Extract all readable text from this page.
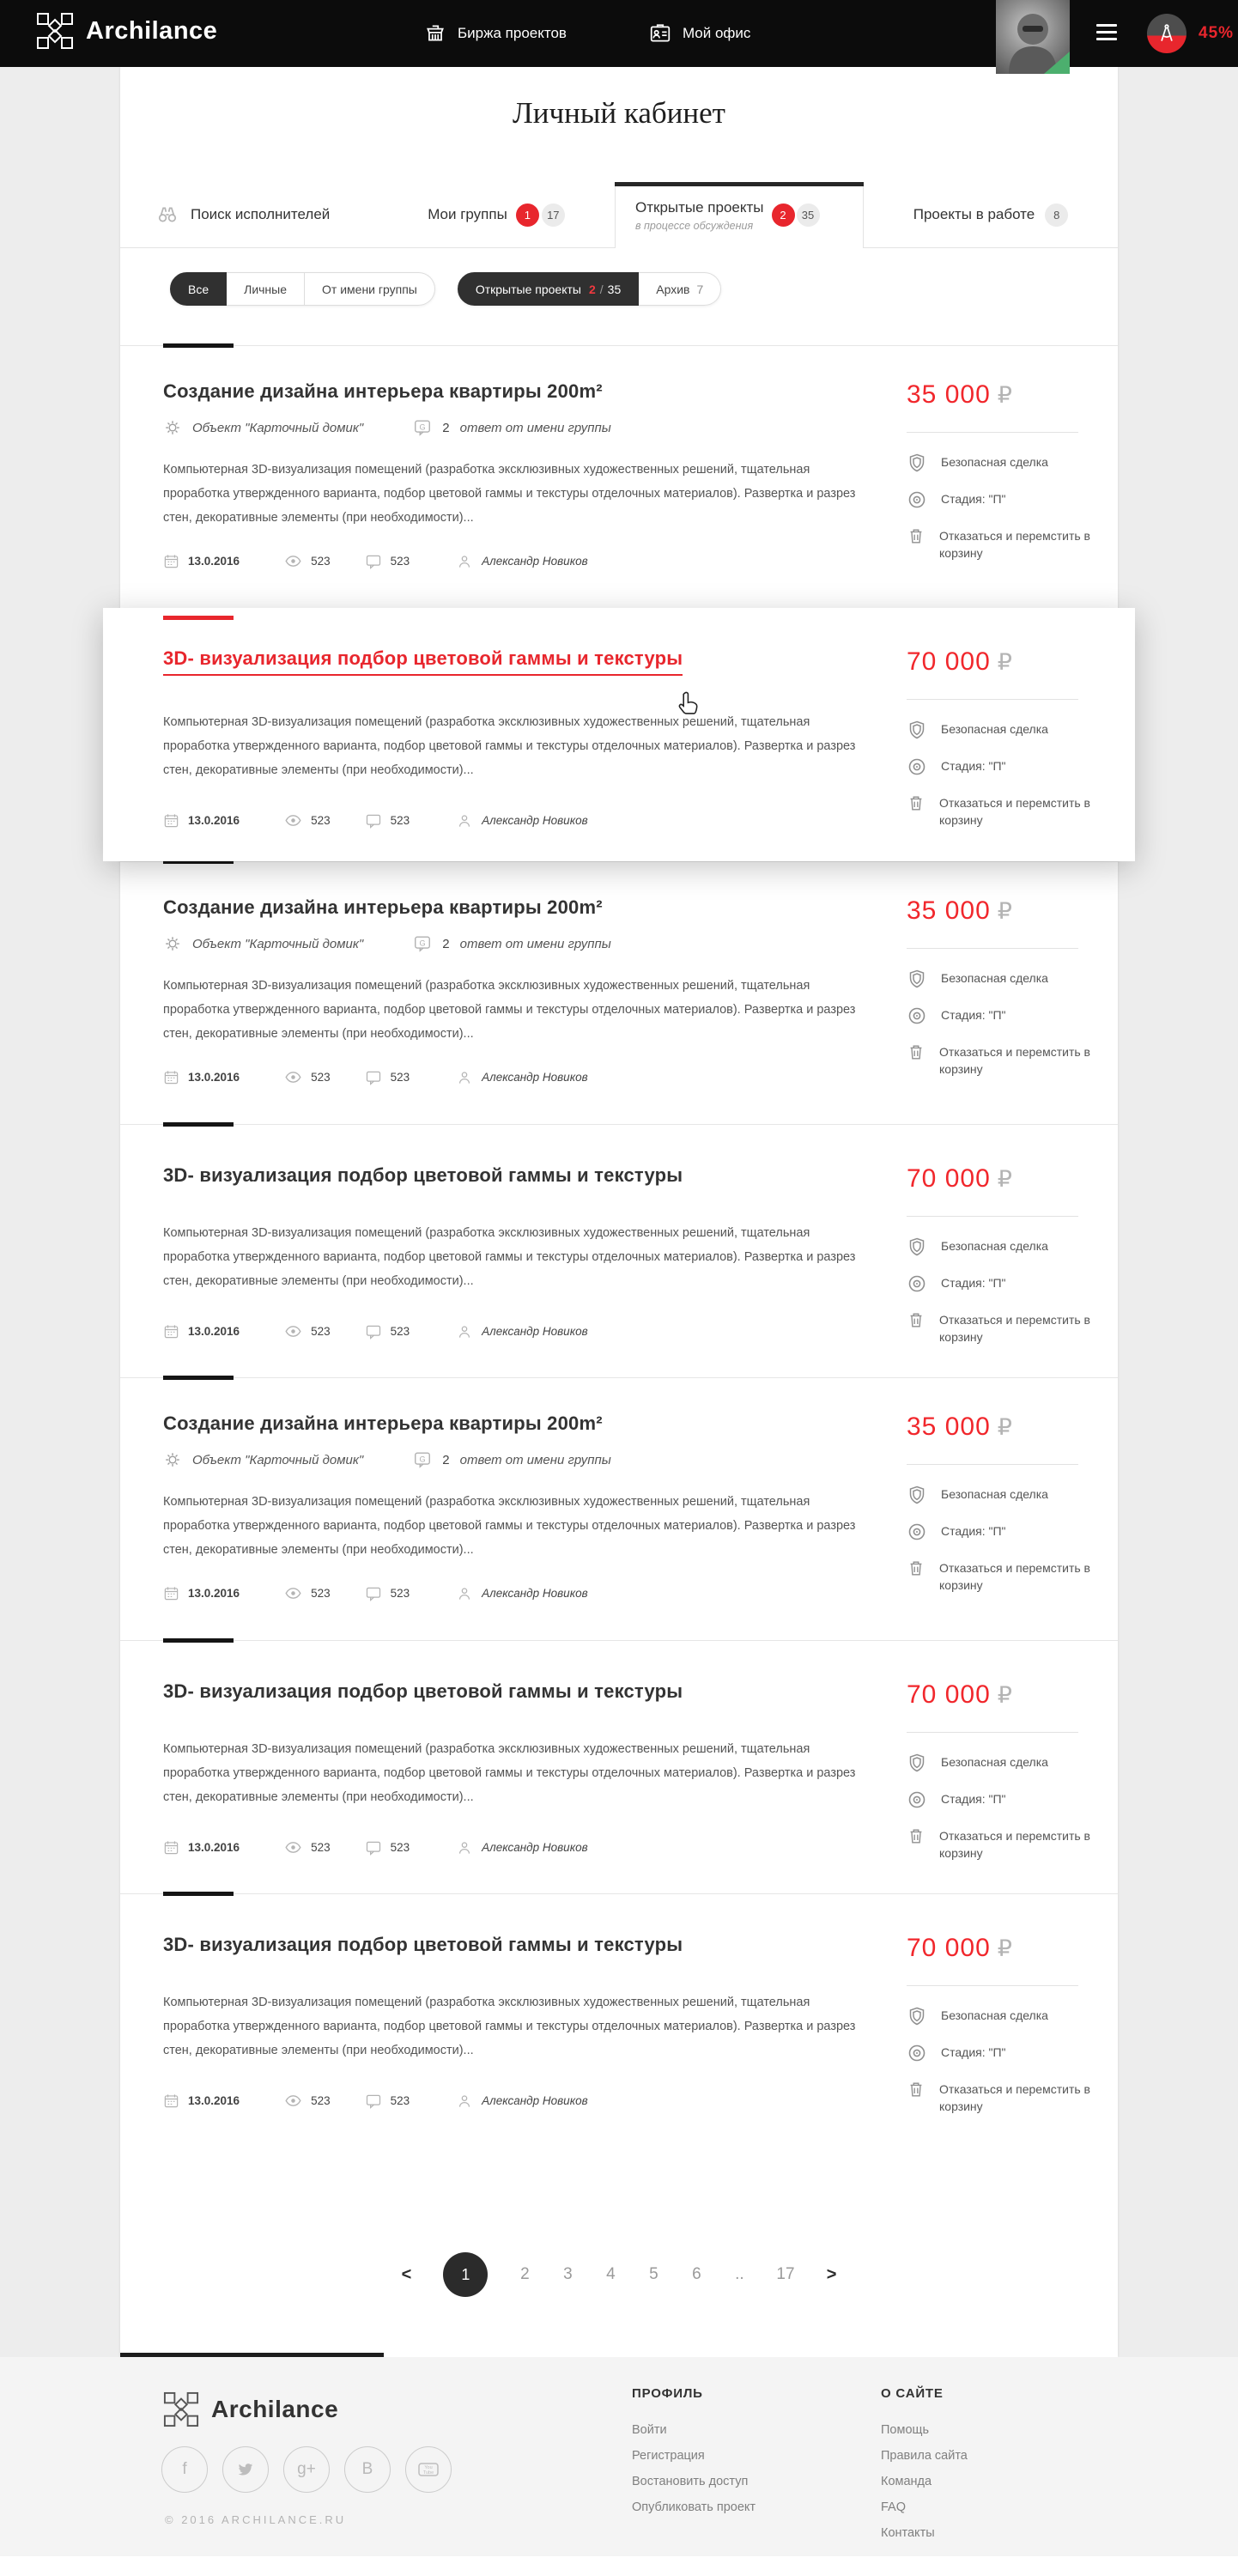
Archilance	Биржа проектов	Мой офис	45%
Личный кабинет
Поиск исполнителей	Мои группы	1	17	Открытые проекты
в процессе обсуждения
2	35	Проекты в работе	8
Все	Личные	От имени группы	Открытые проекты 2 / 35	Архив 7
Создание дизайна интерьера квартиры 200m²
Объект "Карточный домик"	G 2 ответ от имени группы

Компьютерная 3D-визуализация помещений (разработка эксклюзивных художественных решений, тщательная проработка утвержденного варианта, подбор цветовой гаммы и текстуры отделочных материалов). Развертка и разрез стен, декоративные элементы (при необходимости)...

13.0.2016	523	523	Александр Новиков
35 000 ₽
Безопасная сделка
Стадия: "П"
Отказаться и перемстить в корзину
3D- визуализация подбор цветовой гаммы и текстуры

Компьютерная 3D-визуализация помещений (разработка эксклюзивных художественных решений, тщательная проработка утвержденного варианта, подбор цветовой гаммы и текстуры отделочных материалов). Развертка и разрез стен, декоративные элементы (при необходимости)...

13.0.2016	523	523	Александр Новиков
70 000 ₽
Безопасная сделка
Стадия: "П"
Отказаться и перемстить в корзину
Создание дизайна интерьера квартиры 200m²
Объект "Карточный домик"	G 2 ответ от имени группы

Компьютерная 3D-визуализация помещений (разработка эксклюзивных художественных решений, тщательная проработка утвержденного варианта, подбор цветовой гаммы и текстуры отделочных материалов). Развертка и разрез стен, декоративные элементы (при необходимости)...

13.0.2016	523	523	Александр Новиков
35 000 ₽
Безопасная сделка
Стадия: "П"
Отказаться и перемстить в корзину
3D- визуализация подбор цветовой гаммы и текстуры

Компьютерная 3D-визуализация помещений (разработка эксклюзивных художественных решений, тщательная проработка утвержденного варианта, подбор цветовой гаммы и текстуры отделочных материалов). Развертка и разрез стен, декоративные элементы (при необходимости)...

13.0.2016	523	523	Александр Новиков
70 000 ₽
Безопасная сделка
Стадия: "П"
Отказаться и перемстить в корзину
Создание дизайна интерьера квартиры 200m²
Объект "Карточный домик"	G 2 ответ от имени группы

Компьютерная 3D-визуализация помещений (разработка эксклюзивных художественных решений, тщательная проработка утвержденного варианта, подбор цветовой гаммы и текстуры отделочных материалов). Развертка и разрез стен, декоративные элементы (при необходимости)...

13.0.2016	523	523	Александр Новиков
35 000 ₽
Безопасная сделка
Стадия: "П"
Отказаться и перемстить в корзину
3D- визуализация подбор цветовой гаммы и текстуры

Компьютерная 3D-визуализация помещений (разработка эксклюзивных художественных решений, тщательная проработка утвержденного варианта, подбор цветовой гаммы и текстуры отделочных материалов). Развертка и разрез стен, декоративные элементы (при необходимости)...

13.0.2016	523	523	Александр Новиков
70 000 ₽
Безопасная сделка
Стадия: "П"
Отказаться и перемстить в корзину
3D- визуализация подбор цветовой гаммы и текстуры

Компьютерная 3D-визуализация помещений (разработка эксклюзивных художественных решений, тщательная проработка утвержденного варианта, подбор цветовой гаммы и текстуры отделочных материалов). Развертка и разрез стен, декоративные элементы (при необходимости)...

13.0.2016	523	523	Александр Новиков
70 000 ₽
Безопасная сделка
Стадия: "П"
Отказаться и перемстить в корзину
<	1	2 3 4 5 6 .. 17 >
Archilance
f	g+	B	You
Tube
© 2016 ARCHILANCE.RU
ПРОФИЛЬ
Войти
Регистрация
Востановить доступ
Опубликовать проект
О САЙТЕ
Помощь
Правила сайта
Команда
FAQ
Контакты
